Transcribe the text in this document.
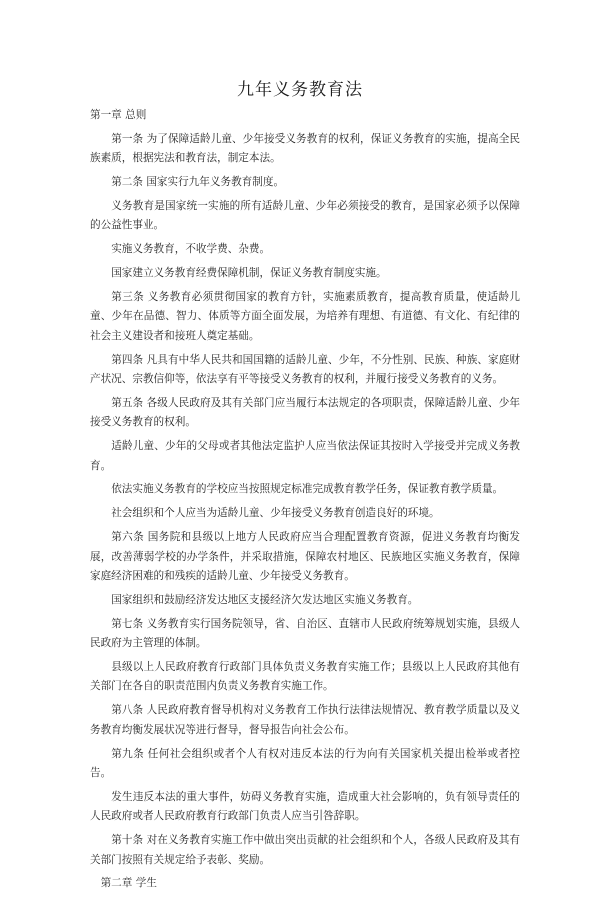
九年义务教育法

第一章 总则

第一条 为了保障适龄儿童、少年接受义务教育的权利，保证义务教育的实施，提高全民族素质，根据宪法和教育法，制定本法。

第二条 国家实行九年义务教育制度。

义务教育是国家统一实施的所有适龄儿童、少年必须接受的教育，是国家必须予以保障的公益性事业。

实施义务教育，不收学费、杂费。

国家建立义务教育经费保障机制，保证义务教育制度实施。

第三条 义务教育必须贯彻国家的教育方针，实施素质教育，提高教育质量，使适龄儿童、少年在品德、智力、体质等方面全面发展，为培养有理想、有道德、有文化、有纪律的社会主义建设者和接班人奠定基础。

第四条 凡具有中华人民共和国国籍的适龄儿童、少年，不分性别、民族、种族、家庭财产状况、宗教信仰等，依法享有平等接受义务教育的权利，并履行接受义务教育的义务。

第五条 各级人民政府及其有关部门应当履行本法规定的各项职责，保障适龄儿童、少年接受义务教育的权利。

适龄儿童、少年的父母或者其他法定监护人应当依法保证其按时入学接受并完成义务教育。

依法实施义务教育的学校应当按照规定标准完成教育教学任务，保证教育教学质量。

社会组织和个人应当为适龄儿童、少年接受义务教育创造良好的环境。

第六条 国务院和县级以上地方人民政府应当合理配置教育资源，促进义务教育均衡发展，改善薄弱学校的办学条件，并采取措施，保障农村地区、民族地区实施义务教育，保障家庭经济困难的和残疾的适龄儿童、少年接受义务教育。

国家组织和鼓励经济发达地区支援经济欠发达地区实施义务教育。

第七条 义务教育实行国务院领导，省、自治区、直辖市人民政府统筹规划实施，县级人民政府为主管理的体制。

县级以上人民政府教育行政部门具体负责义务教育实施工作；县级以上人民政府其他有关部门在各自的职责范围内负责义务教育实施工作。

第八条 人民政府教育督导机构对义务教育工作执行法律法规情况、教育教学质量以及义务教育均衡发展状况等进行督导，督导报告向社会公布。

第九条 任何社会组织或者个人有权对违反本法的行为向有关国家机关提出检举或者控告。

发生违反本法的重大事件，妨碍义务教育实施，造成重大社会影响的，负有领导责任的人民政府或者人民政府教育行政部门负责人应当引咎辞职。

第十条 对在义务教育实施工作中做出突出贡献的社会组织和个人，各级人民政府及其有关部门按照有关规定给予表彰、奖励。

第二章 学生
